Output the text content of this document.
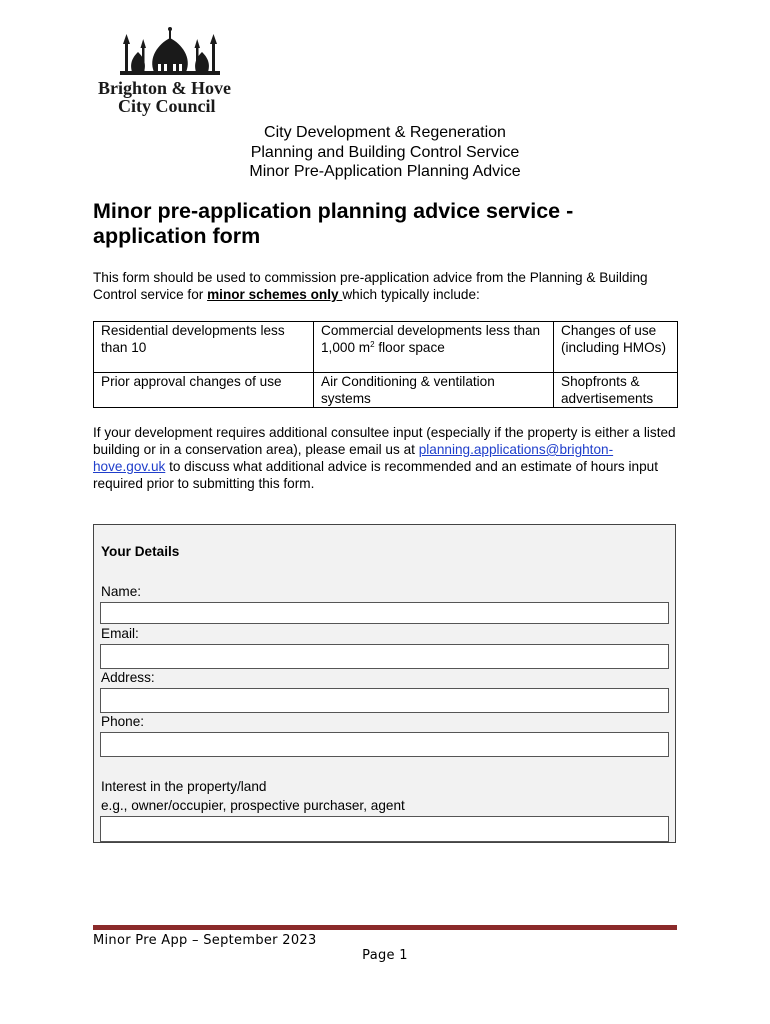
Brighton & Hove
City Council
City Development & Regeneration
Planning and Building Control Service
Minor Pre-Application Planning Advice
Minor pre-application planning advice service -
application form

This form should be used to commission pre-application advice from the Planning & Building Control service for minor schemes only which typically include:

Residential developments less than 10	Commercial developments less than 1,000 $m^2$ floor space	Changes of use (including HMOs)
Prior approval changes of use	Air Conditioning & ventilation systems	Shopfronts & advertisements

If your development requires additional consultee input (especially if the property is either a listed building or in a conservation area), please email us at planning.applications@brighton-hove.gov.uk to discuss what additional advice is recommended and an estimate of hours input required prior to submitting this form.

Your Details
Name:
Email:
Address:
Phone:
Interest in the property/land
e.g., owner/occupier, prospective purchaser, agent
Minor Pre App – September 2023
Page 1
